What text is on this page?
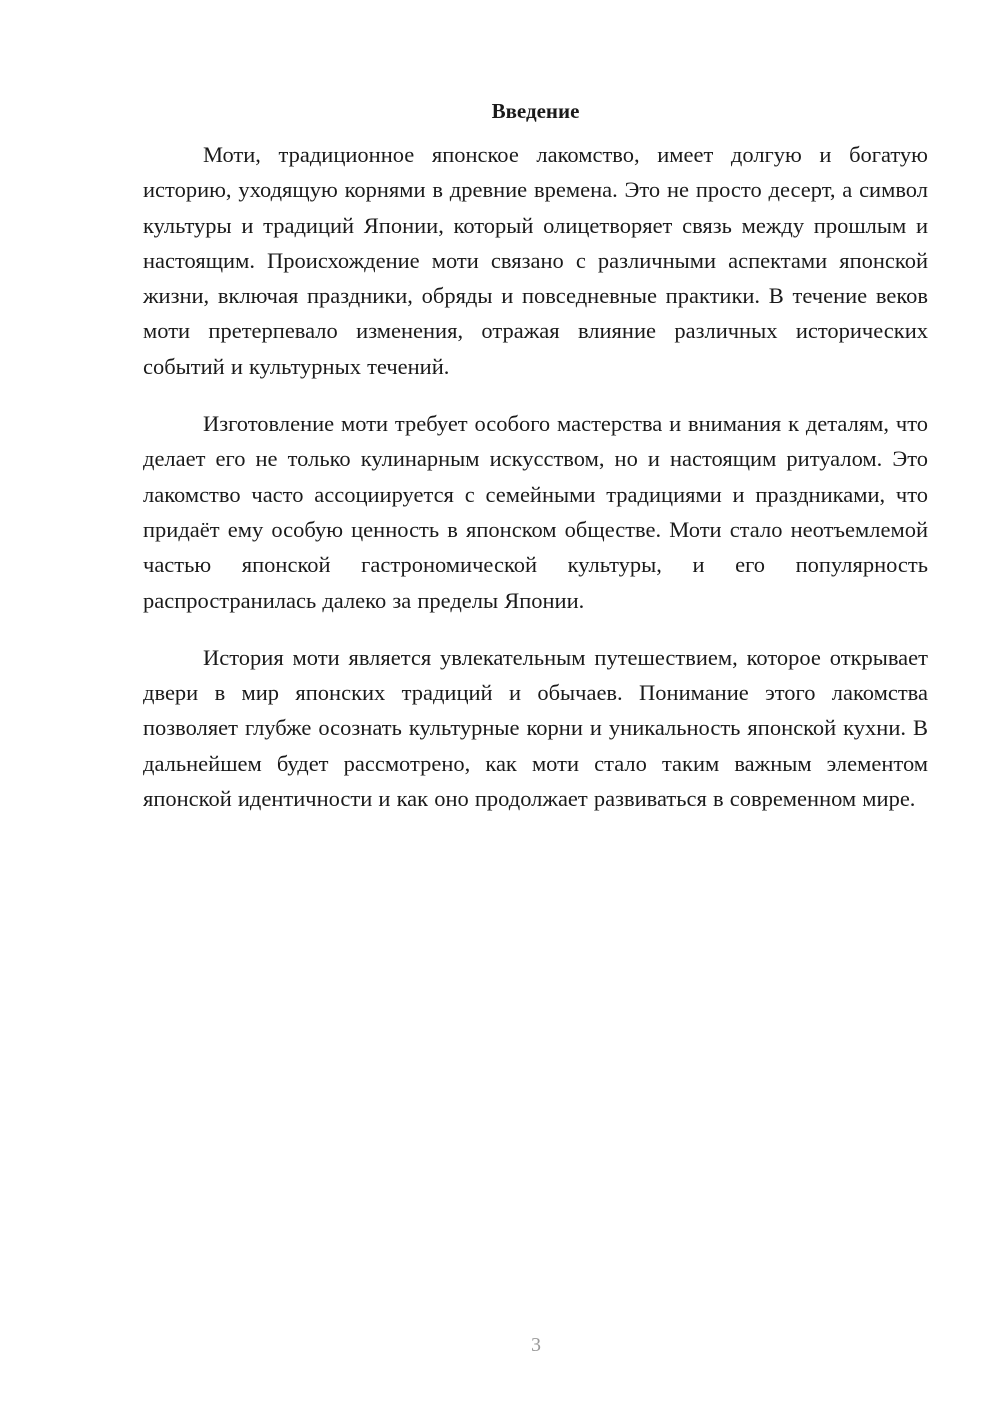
Введение

Моти, традиционное японское лакомство, имеет долгую и богатую историю, уходящую корнями в древние времена. Это не просто десерт, а символ культуры и традиций Японии, который олицетворяет связь между прошлым и настоящим. Происхождение моти связано с различными аспектами японской жизни, включая праздники, обряды и повседневные практики. В течение веков моти претерпевало изменения, отражая влияние различных исторических событий и культурных течений.

Изготовление моти требует особого мастерства и внимания к деталям, что делает его не только кулинарным искусством, но и настоящим ритуалом. Это лакомство часто ассоциируется с семейными традициями и праздниками, что придаёт ему особую ценность в японском обществе. Моти стало неотъемлемой частью японской гастрономической культуры, и его популярность распространилась далеко за пределы Японии.

История моти является увлекательным путешествием, которое открывает двери в мир японских традиций и обычаев. Понимание этого лакомства позволяет глубже осознать культурные корни и уникальность японской кухни. В дальнейшем будет рассмотрено, как моти стало таким важным элементом японской идентичности и как оно продолжает развиваться в современном мире.

3
